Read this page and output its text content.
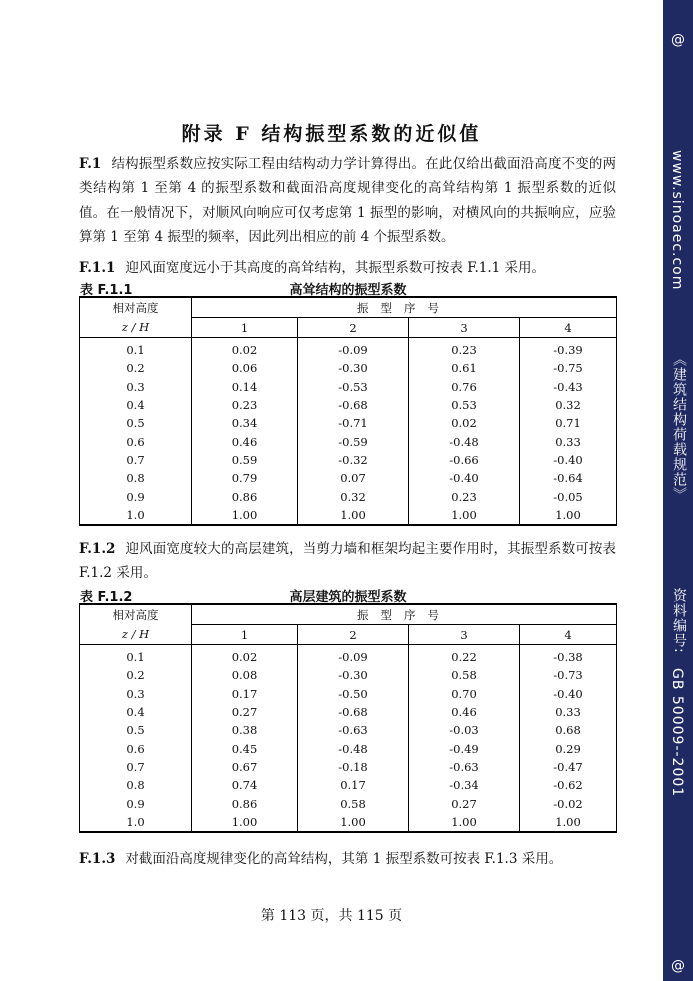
@
www.sinoaec.com
《建筑结构荷载规范》
资料编号:
GB 50009--2001
@
附录 F 结构振型系数的近似值
F.1 结构振型系数应按实际工程由结构动力学计算得出。在此仅给出截面沿高度不变的两类结构第 1 至第 4 的振型系数和截面沿高度规律变化的高耸结构第 1 振型系数的近似值。在一般情况下，对顺风向响应可仅考虑第 1 振型的影响，对横风向的共振响应，应验算第 1 至第 4 振型的频率，因此列出相应的前 4 个振型系数。
F.1.1 迎风面宽度远小于其高度的高耸结构，其振型系数可按表 F.1.1 采用。
高耸结构的振型系数
表 F.1.1
相对高度	振型序号			
z / H	1	2	3	4
0.1	0.02	-0.09	0.23	-0.39
0.2	0.06	-0.30	0.61	-0.75
0.3	0.14	-0.53	0.76	-0.43
0.4	0.23	-0.68	0.53	0.32
0.5	0.34	-0.71	0.02	0.71
0.6	0.46	-0.59	-0.48	0.33
0.7	0.59	-0.32	-0.66	-0.40
0.8	0.79	0.07	-0.40	-0.64
0.9	0.86	0.32	0.23	-0.05
1.0	1.00	1.00	1.00	1.00
F.1.2 迎风面宽度较大的高层建筑，当剪力墙和框架均起主要作用时，其振型系数可按表 F.1.2 采用。
高层建筑的振型系数
表 F.1.2
相对高度	振型序号			
z / H	1	2	3	4
0.1	0.02	-0.09	0.22	-0.38
0.2	0.08	-0.30	0.58	-0.73
0.3	0.17	-0.50	0.70	-0.40
0.4	0.27	-0.68	0.46	0.33
0.5	0.38	-0.63	-0.03	0.68
0.6	0.45	-0.48	-0.49	0.29
0.7	0.67	-0.18	-0.63	-0.47
0.8	0.74	0.17	-0.34	-0.62
0.9	0.86	0.58	0.27	-0.02
1.0	1.00	1.00	1.00	1.00
F.1.3 对截面沿高度规律变化的高耸结构，其第 1 振型系数可按表 F.1.3 采用。
第 113 页，共 115 页
